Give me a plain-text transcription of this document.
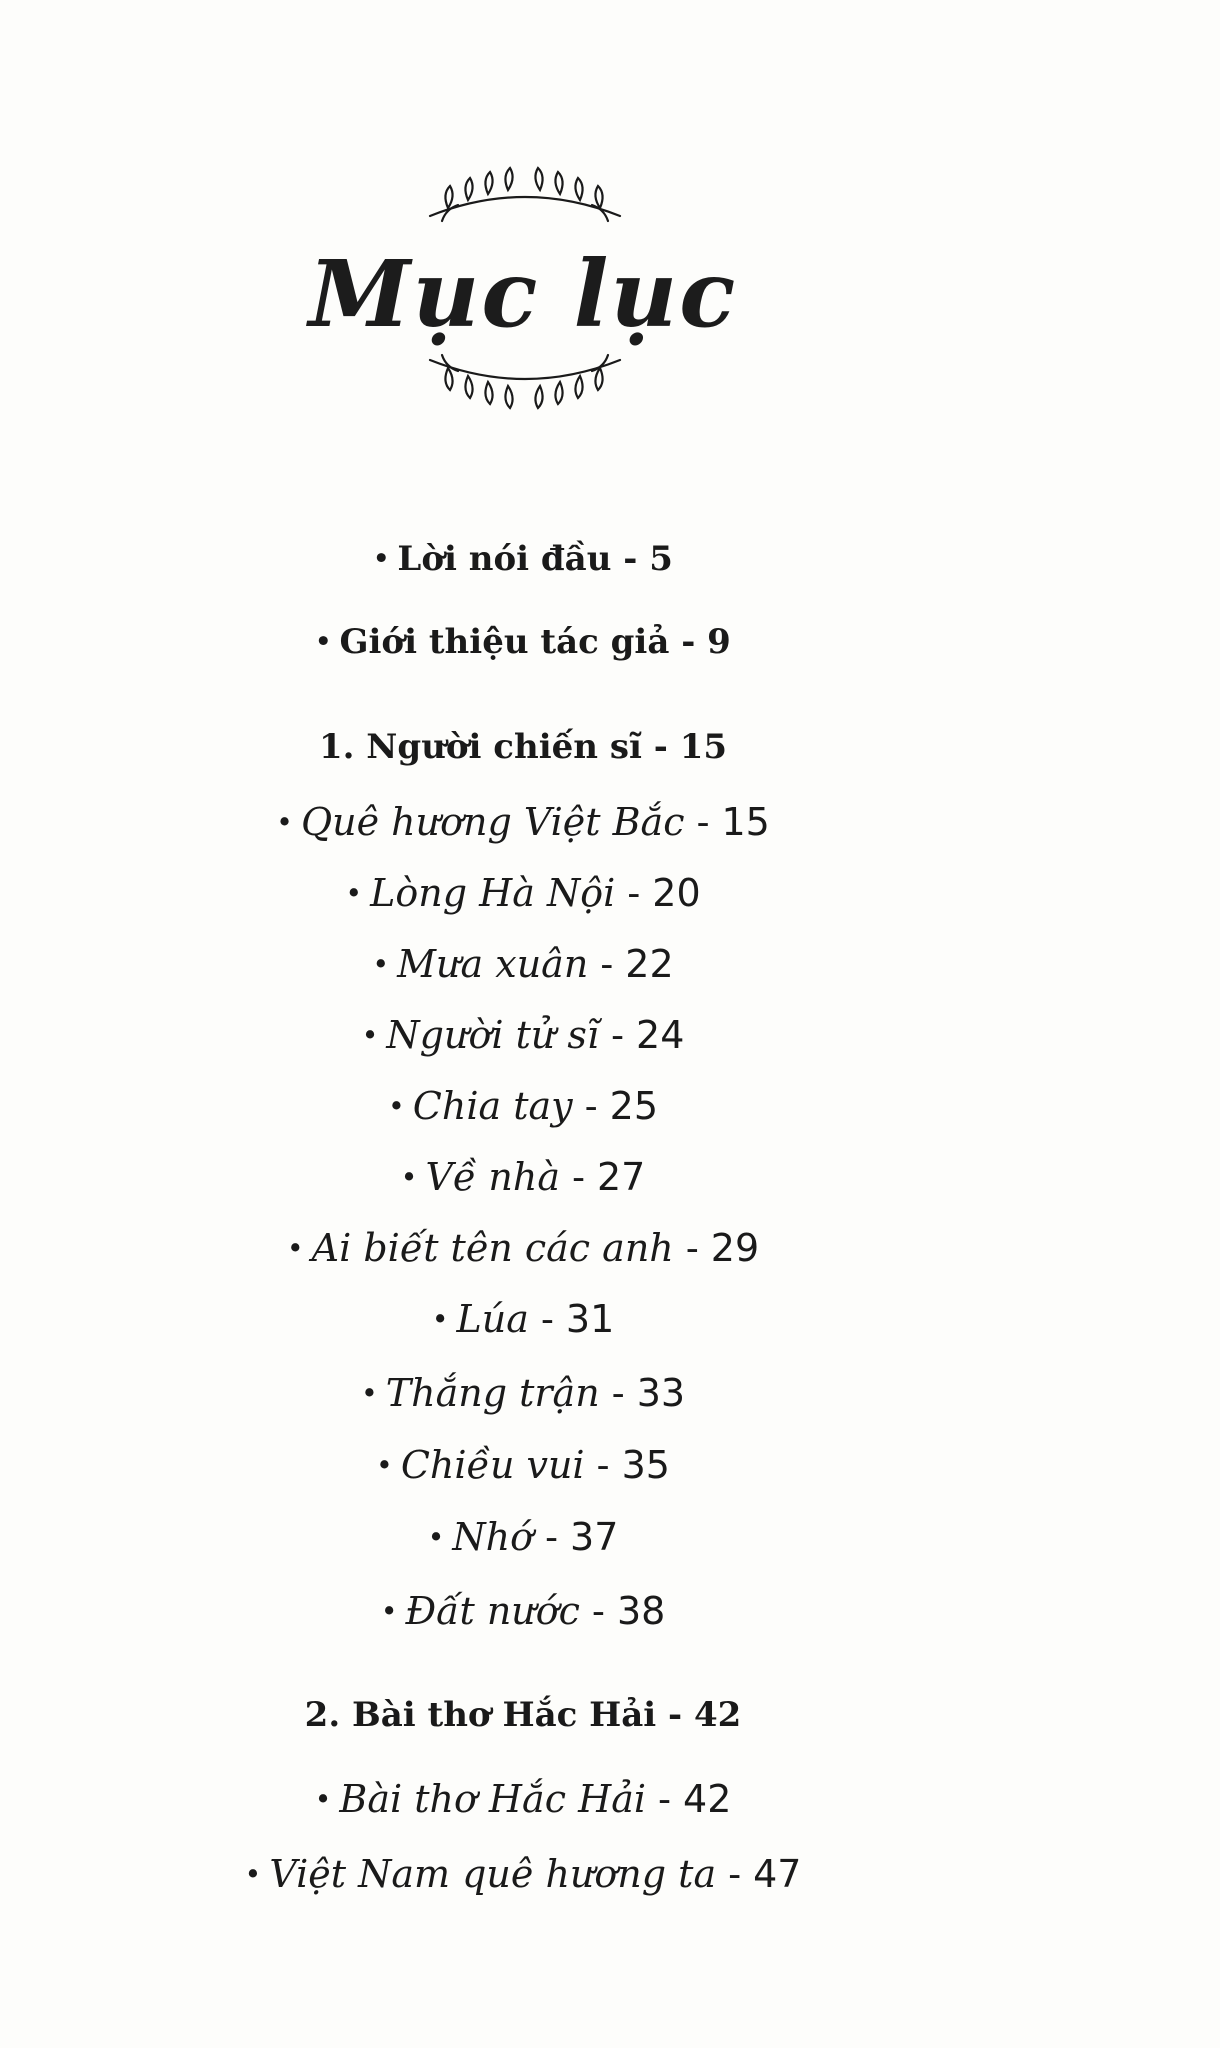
Mục lục
• Lời nói đầu - 5
• Giới thiệu tác giả - 9
1. Người chiến sĩ - 15
• Quê hương Việt Bắc - 15
• Lòng Hà Nội - 20
• Mưa xuân - 22
• Người tử sĩ - 24
• Chia tay - 25
• Về nhà - 27
• Ai biết tên các anh - 29
• Lúa - 31
• Thắng trận - 33
• Chiều vui - 35
• Nhớ - 37
• Đất nước - 38
2. Bài thơ Hắc Hải - 42
• Bài thơ Hắc Hải - 42
• Việt Nam quê hương ta - 47
